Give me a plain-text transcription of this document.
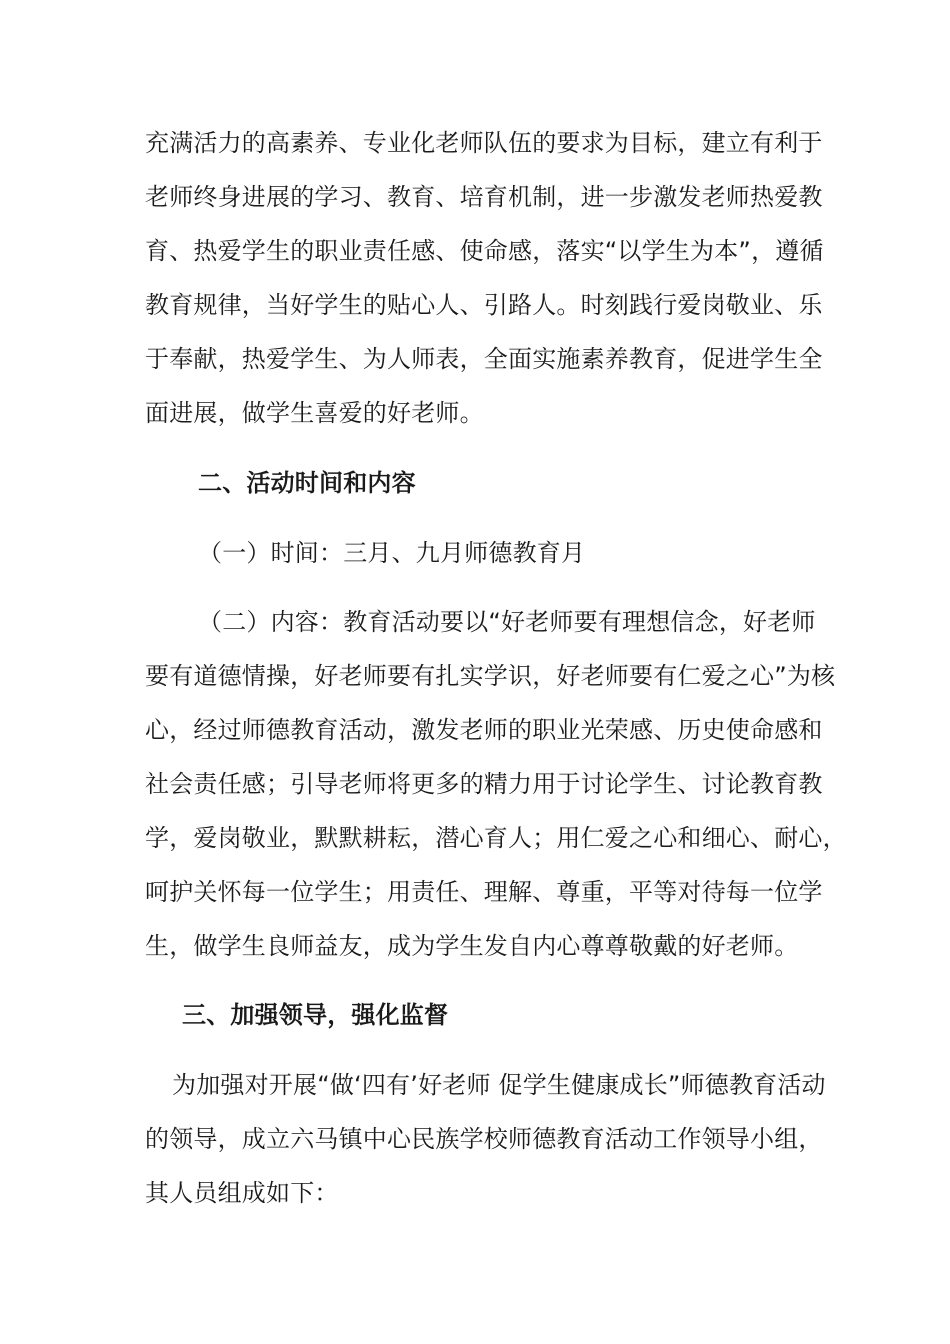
充满活力的高素养、专业化老师队伍的要求为目标，建立有利于
老师终身进展的学习、教育、培育机制，进一步激发老师热爱教
育、热爱学生的职业责任感、使命感，落实“以学生为本”，遵循
教育规律，当好学生的贴心人、引路人。时刻践行爱岗敬业、乐
于奉献，热爱学生、为人师表，全面实施素养教育，促进学生全
面进展，做学生喜爱的好老师。
二、活动时间和内容
（一）时间：三月、九月师德教育月
（二）内容：教育活动要以“好老师要有理想信念，好老师
要有道德情操，好老师要有扎实学识，好老师要有仁爱之心”为核
心，经过师德教育活动，激发老师的职业光荣感、历史使命感和
社会责任感；引导老师将更多的精力用于讨论学生、讨论教育教
学，爱岗敬业，默默耕耘，潜心育人；用仁爱之心和细心、耐心，
呵护关怀每一位学生；用责任、理解、尊重，平等对待每一位学
生，做学生良师益友，成为学生发自内心尊尊敬戴的好老师。
三、加强领导，强化监督
为加强对开展“做‘四有’好老师 促学生健康成长”师德教育活动
的领导，成立六马镇中心民族学校师德教育活动工作领导小组，
其人员组成如下：
